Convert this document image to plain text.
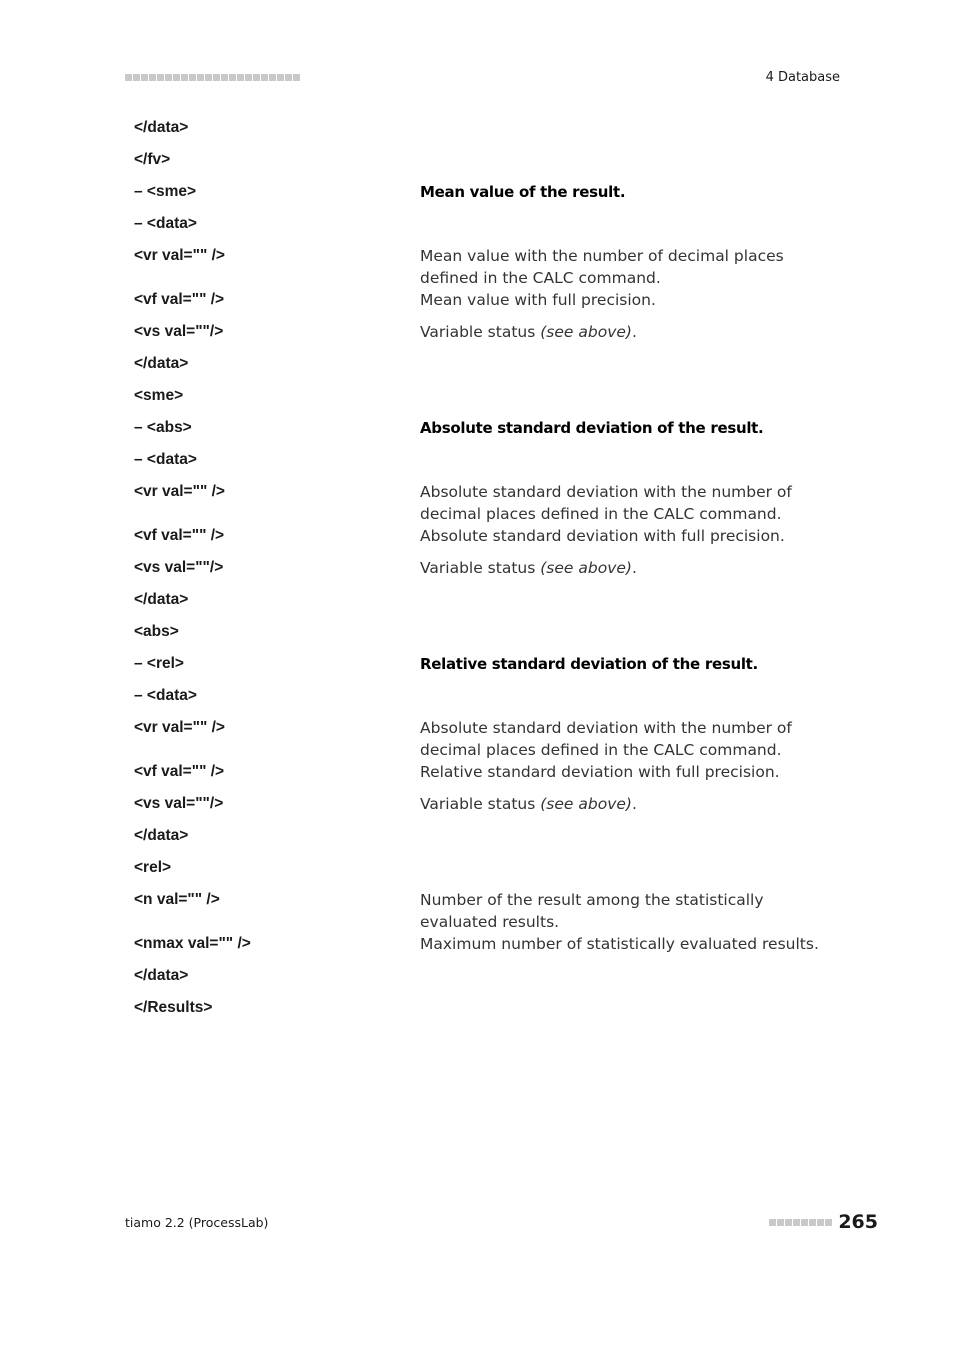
4 Database
</data>
</fv>
– <sme>	Mean value of the result.
– <data>
<vr val="" />	Mean value with the number of decimal places defined in the CALC command.
<vf val="" />	Mean value with full precision.
<vs val=""/>	Variable status (see above).
</data>
<sme>
– <abs>	Absolute standard deviation of the result.
– <data>
<vr val="" />	Absolute standard deviation with the number of decimal places defined in the CALC command.
<vf val="" />	Absolute standard deviation with full precision.
<vs val=""/>	Variable status (see above).
</data>
<abs>
– <rel>	Relative standard deviation of the result.
– <data>
<vr val="" />	Absolute standard deviation with the number of decimal places defined in the CALC command.
<vf val="" />	Relative standard deviation with full precision.
<vs val=""/>	Variable status (see above).
</data>
<rel>
<n val="" />	Number of the result among the statistically evaluated results.
<nmax val="" />	Maximum number of statistically evaluated results.
</data>
</Results>
tiamo 2.2 (ProcessLab)	265
